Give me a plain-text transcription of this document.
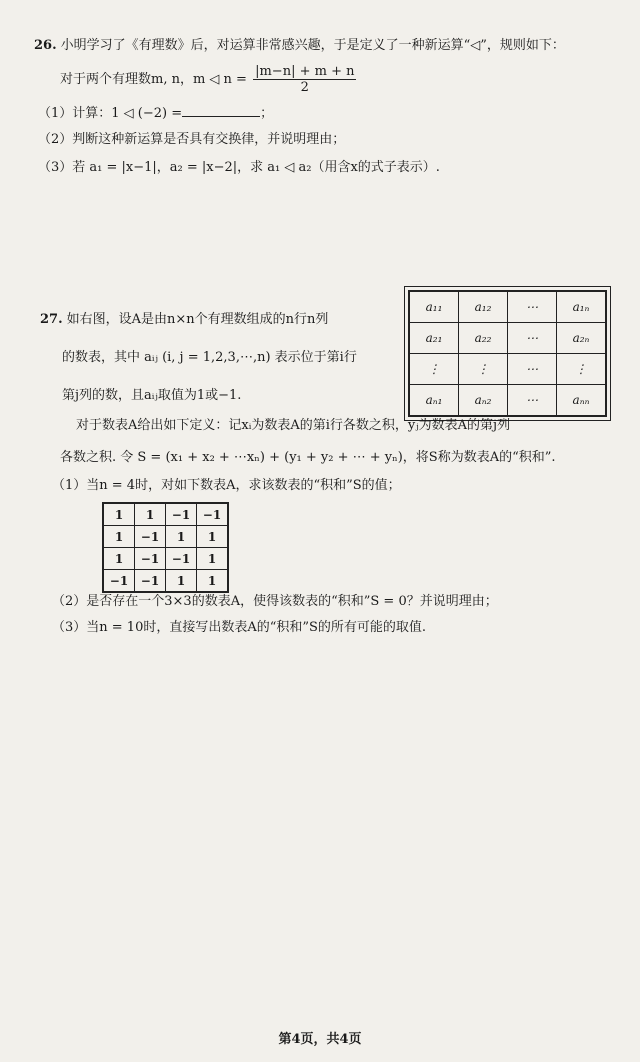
26. 小明学习了《有理数》后，对运算非常感兴趣，于是定义了一种新运算“◁”，规则如下：
对于两个有理数m, n，m ◁ $n = \frac{|m-n| + m + n}{2}$
（1）计算：1 ◁ (−2) =	；
（2）判断这种新运算是否具有交换律，并说明理由；
（3）若 a₁ = |x−1|，a₂ = |x−2|，求 a₁ ◁ a₂（用含x的式子表示）.
27. 如右图，设A是由n×n个有理数组成的n行n列
的数表，其中 aᵢⱼ (i, j = 1,2,3,⋯,n) 表示位于第i行
第j列的数，且aᵢⱼ取值为1或−1.
a₁₁	a₁₂	⋯	a₁ₙ
a₂₁	a₂₂	⋯	a₂ₙ
⋮	⋮	⋯	⋮
aₙ₁	aₙ₂	⋯	aₙₙ
对于数表A给出如下定义：记xᵢ为数表A的第i行各数之积，yⱼ为数表A的第j列
各数之积. 令 S = (x₁ + x₂ + ⋯xₙ) + (y₁ + y₂ + ⋯ + yₙ)，将S称为数表A的“积和”.
（1）当n = 4时，对如下数表A，求该数表的“积和”S的值；
1	1	−1	−1
1	−1	1	1
1	−1	−1	1
−1	−1	1	1
（2）是否存在一个3×3的数表A，使得该数表的“积和”S = 0？并说明理由；
（3）当n = 10时，直接写出数表A的“积和”S的所有可能的取值.
第4页，共4页
